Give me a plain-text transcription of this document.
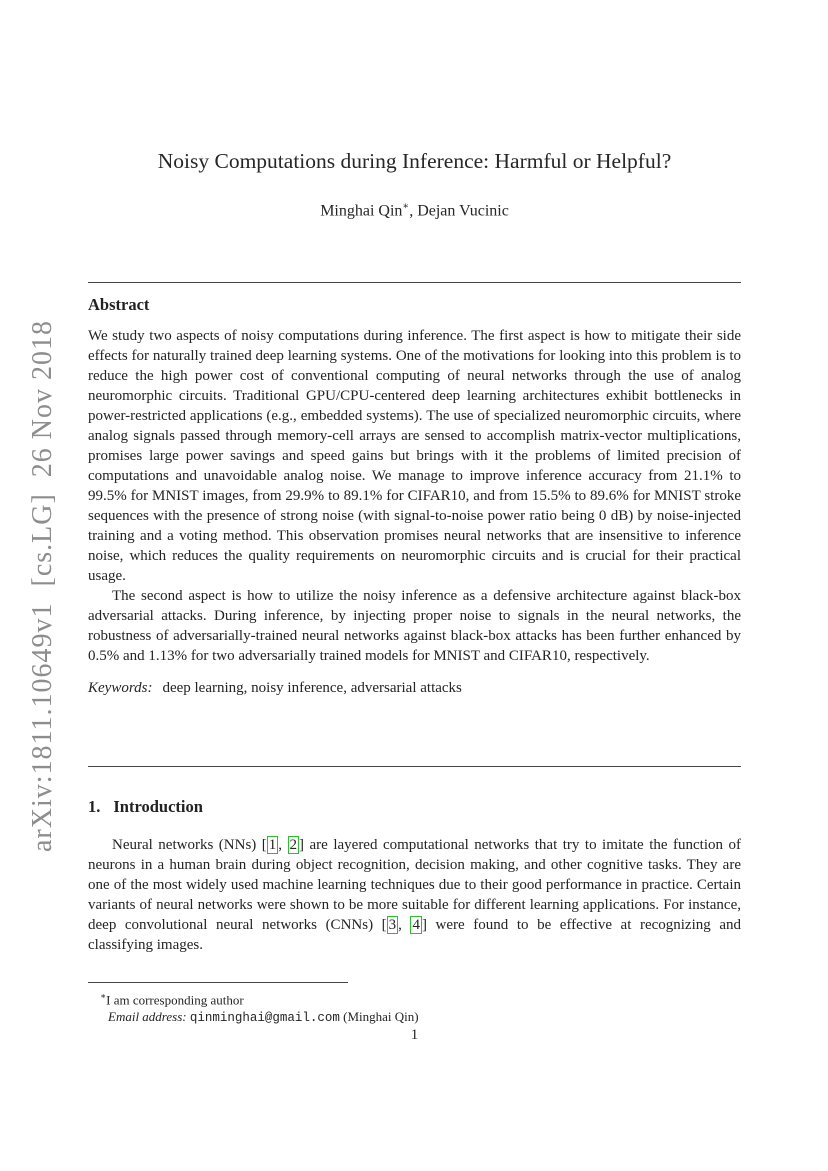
arXiv:1811.10649v1  [cs.LG]  26 Nov 2018
Noisy Computations during Inference: Harmful or Helpful?
Minghai Qin∗, Dejan Vucinic
Abstract

We study two aspects of noisy computations during inference. The first aspect is how to mitigate their side effects for naturally trained deep learning systems. One of the motivations for looking into this problem is to reduce the high power cost of conventional computing of neural networks through the use of analog neuromorphic circuits. Traditional GPU/CPU-centered deep learning architectures exhibit bottlenecks in power-restricted applications (e.g., embedded systems). The use of specialized neuromorphic circuits, where analog signals passed through memory-cell arrays are sensed to accomplish matrix-vector multiplications, promises large power savings and speed gains but brings with it the problems of limited precision of computations and unavoidable analog noise. We manage to improve inference accuracy from 21.1% to 99.5% for MNIST images, from 29.9% to 89.1% for CIFAR10, and from 15.5% to 89.6% for MNIST stroke sequences with the presence of strong noise (with signal-to-noise power ratio being 0 dB) by noise-injected training and a voting method. This observation promises neural networks that are insensitive to inference noise, which reduces the quality requirements on neuromorphic circuits and is crucial for their practical usage.

The second aspect is how to utilize the noisy inference as a defensive architecture against black-box adversarial attacks. During inference, by injecting proper noise to signals in the neural networks, the robustness of adversarially-trained neural networks against black-box attacks has been further enhanced by 0.5% and 1.13% for two adversarially trained models for MNIST and CIFAR10, respectively.

Keywords: deep learning, noisy inference, adversarial attacks

1. Introduction

Neural networks (NNs) [ 1 , 2 ] are layered computational networks that try to imitate the function of neurons in a human brain during object recognition, decision making, and other cognitive tasks. They are one of the most widely used machine learning techniques due to their good performance in practice. Certain variants of neural networks were shown to be more suitable for different learning applications. For instance, deep convolutional neural networks (CNNs) [ 3 , 4 ] were found to be effective at recognizing and classifying images.

∗I am corresponding author

Email address: qinminghai@gmail.com (Minghai Qin)

1
